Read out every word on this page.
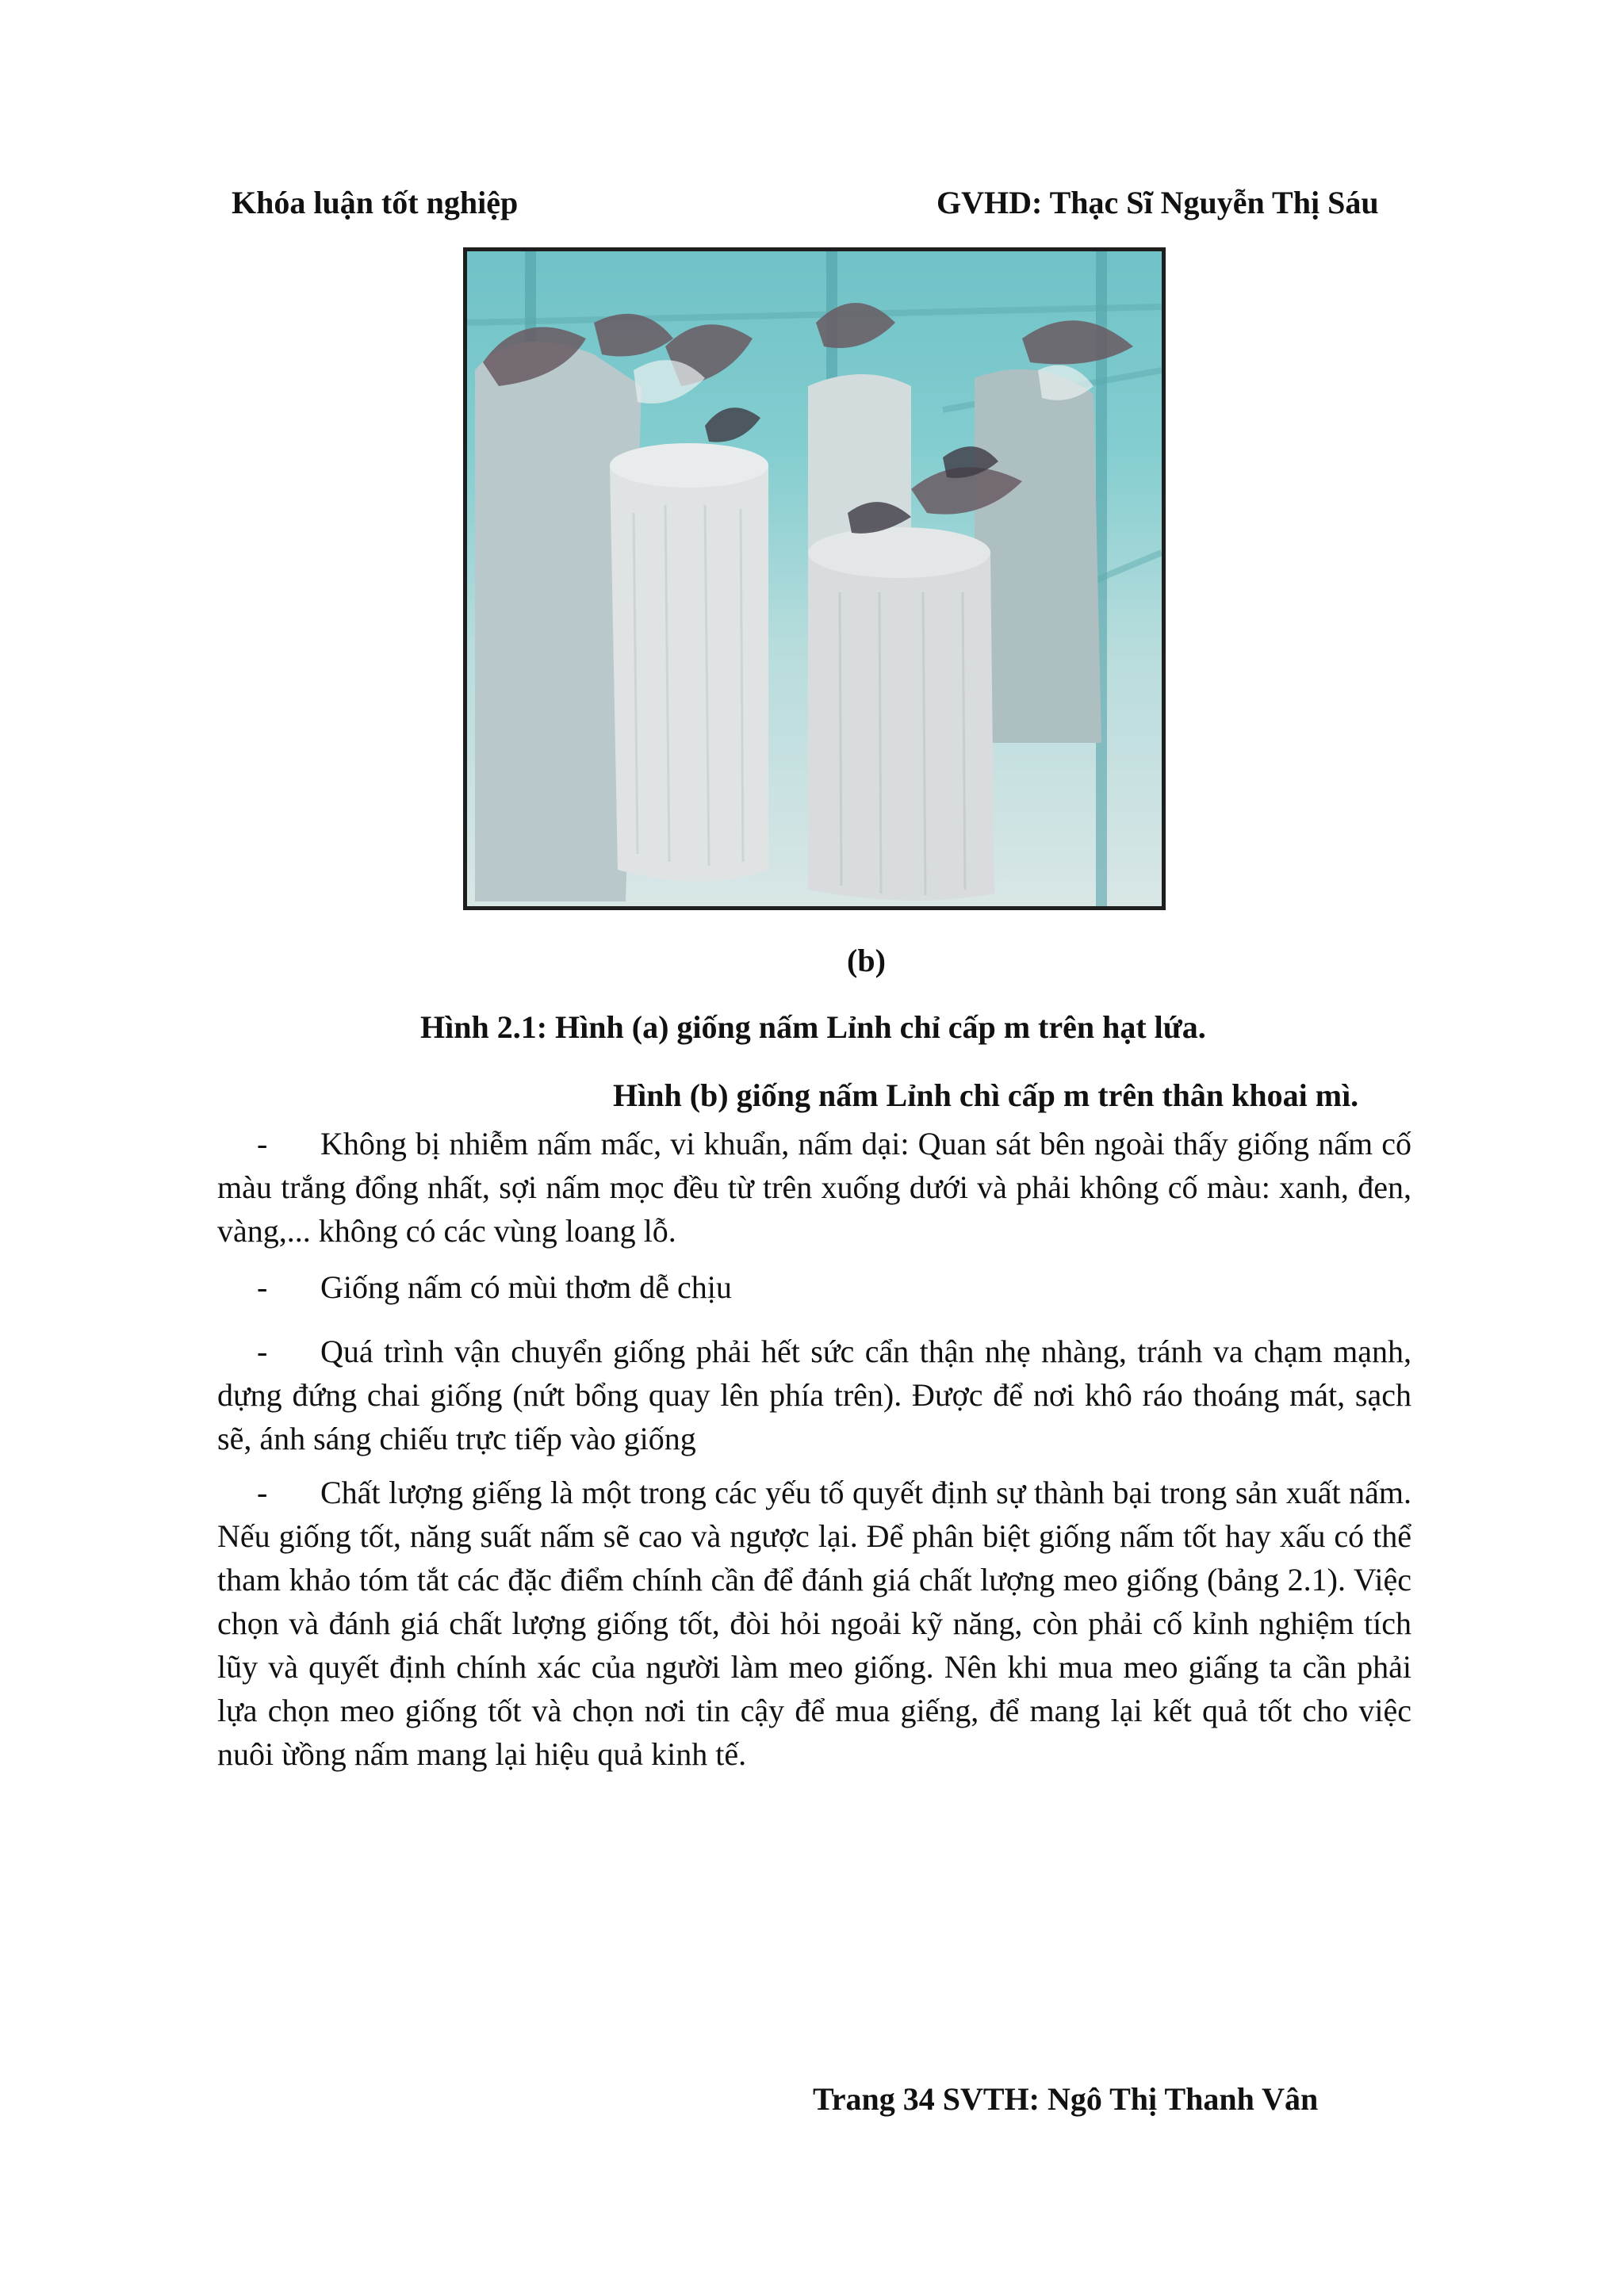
Khóa luận tốt nghiệp	GVHD: Thạc Sĩ Nguyễn Thị Sáu
(b)
Hình 2.1: Hình (a) giống nấm Lỉnh chỉ cấp m trên hạt lứa.
Hình (b) giống nấm Lỉnh chì cấp m trên thân khoai mì.
-	Không bị nhiễm nấm mấc, vi khuẩn, nấm dại: Quan sát bên ngoài thấy giống nấm cố màu trắng đổng nhất, sợi nấm mọc đều từ trên xuống dưới và phải không cố màu: xanh, đen, vàng,... không có các vùng loang lỗ.
-	Giống nấm có mùi thơm dễ chịu
-	Quá trình vận chuyển giống phải hết sức cẩn thận nhẹ nhàng, tránh va chạm mạnh, dựng đứng chai giống (nứt bổng quay lên phía trên). Được để nơi khô ráo thoáng mát, sạch sẽ, ánh sáng chiếu trực tiếp vào giống
-	Chất lượng giếng là một trong các yếu tố quyết định sự thành bại trong sản xuất nấm. Nếu giống tốt, năng suất nấm sẽ cao và ngược lại. Để phân biệt giống nấm tốt hay xấu có thể tham khảo tóm tắt các đặc điểm chính cần để đánh giá chất lượng meo giống (bảng 2.1). Việc chọn và đánh giá chất lượng giống tốt, đòi hỏi ngoải kỹ năng, còn phải cố kỉnh nghiệm tích lũy và quyết định chính xác của người làm meo giống. Nên khi mua meo giấng ta cần phải lựa chọn meo giống tốt và chọn nơi tin cậy để mua giếng, để mang lại kết quả tốt cho việc nuôi ừồng nấm mang lại hiệu quả kinh tế.
Trang 34 SVTH: Ngô Thị Thanh Vân
